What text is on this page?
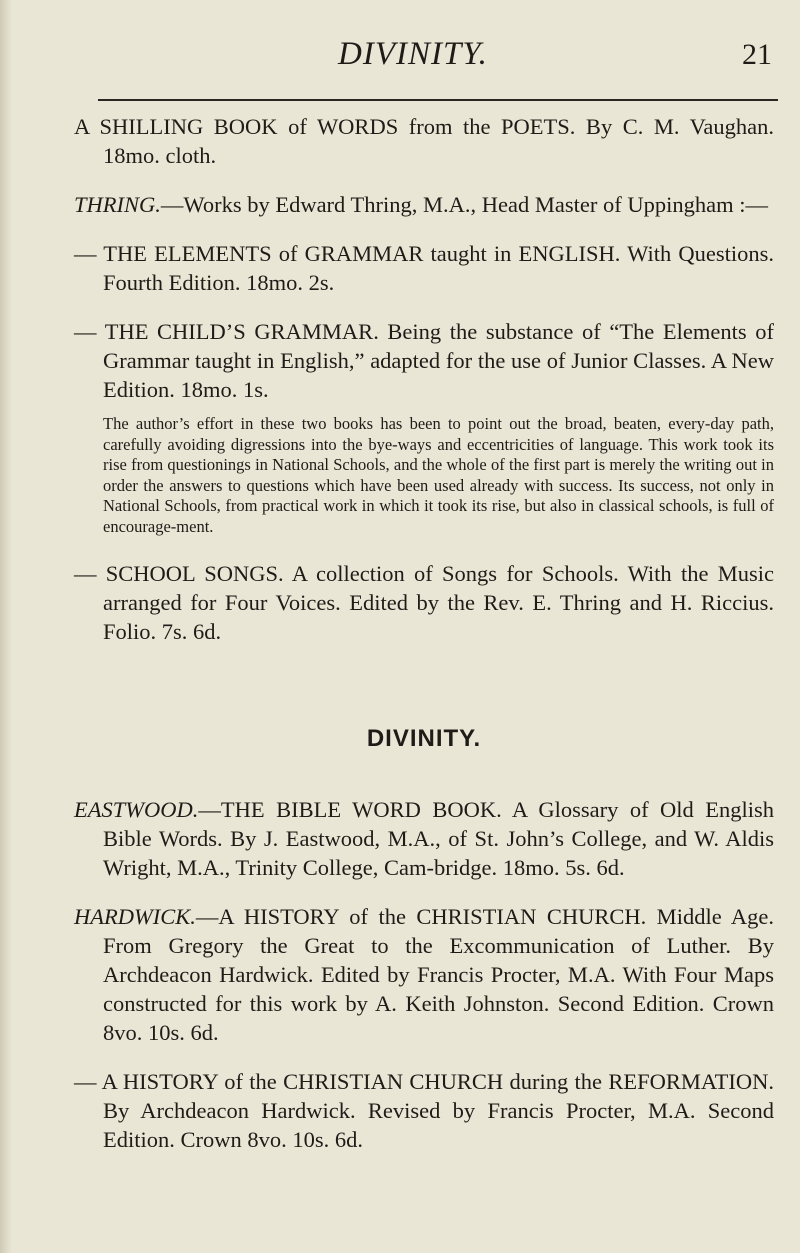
DIVINITY.	21

A SHILLING BOOK of WORDS from the POETS. By C. M. Vaughan. 18mo. cloth.

THRING.—Works by Edward Thring, M.A., Head Master of Uppingham :—

— THE ELEMENTS of GRAMMAR taught in ENGLISH. With Questions. Fourth Edition. 18mo. 2s.

— THE CHILD’S GRAMMAR. Being the substance of “The Elements of Grammar taught in English,” adapted for the use of Junior Classes. A New Edition. 18mo. 1s.

The author’s effort in these two books has been to point out the broad, beaten, every-day path, carefully avoiding digressions into the bye-ways and eccentricities of language. This work took its rise from questionings in National Schools, and the whole of the first part is merely the writing out in order the answers to questions which have been used already with success. Its success, not only in National Schools, from practical work in which it took its rise, but also in classical schools, is full of encourage-ment.

— SCHOOL SONGS. A collection of Songs for Schools. With the Music arranged for Four Voices. Edited by the Rev. E. Thring and H. Riccius. Folio. 7s. 6d.

DIVINITY.

EASTWOOD.—THE BIBLE WORD BOOK. A Glossary of Old English Bible Words. By J. Eastwood, M.A., of St. John’s College, and W. Aldis Wright, M.A., Trinity College, Cam-bridge. 18mo. 5s. 6d.

HARDWICK.—A HISTORY of the CHRISTIAN CHURCH. Middle Age. From Gregory the Great to the Excommunication of Luther. By Archdeacon Hardwick. Edited by Francis Procter, M.A. With Four Maps constructed for this work by A. Keith Johnston. Second Edition. Crown 8vo. 10s. 6d.

— A HISTORY of the CHRISTIAN CHURCH during the REFORMATION. By Archdeacon Hardwick. Revised by Francis Procter, M.A. Second Edition. Crown 8vo. 10s. 6d.
